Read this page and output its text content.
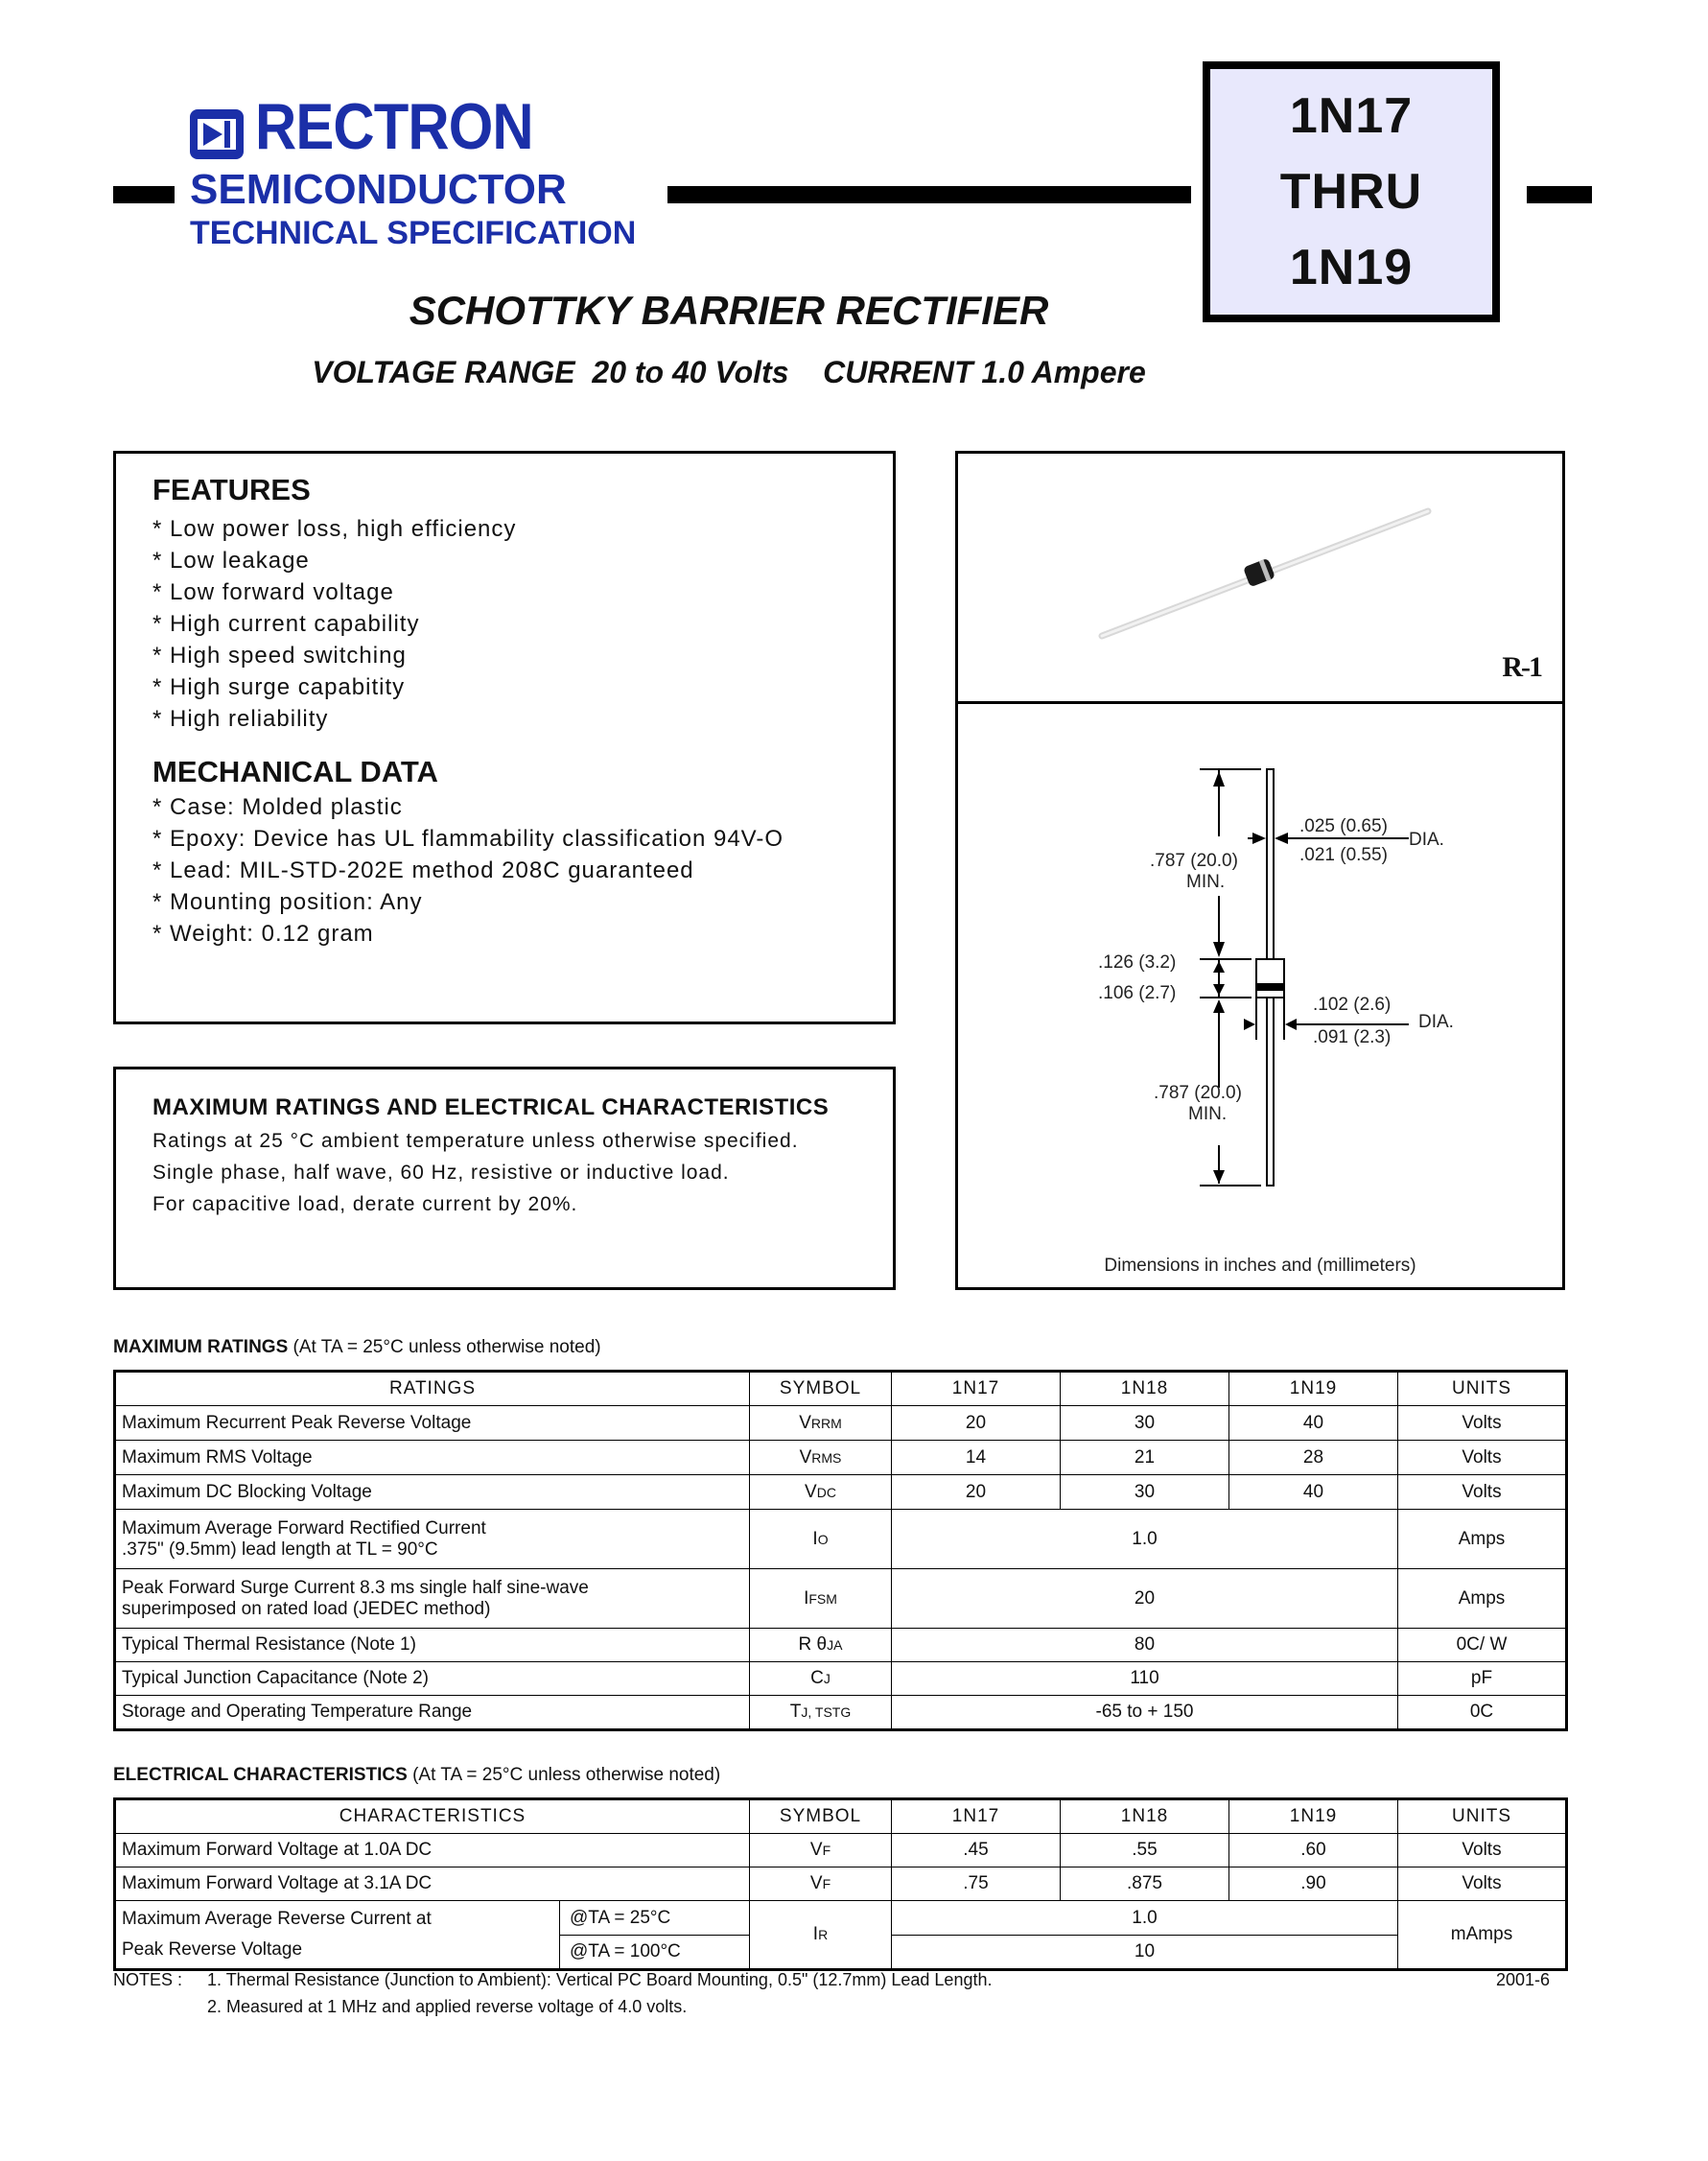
RECTRON
SEMICONDUCTOR
TECHNICAL SPECIFICATION
1N17
THRU
1N19
SCHOTTKY BARRIER RECTIFIER
VOLTAGE RANGE  20 to 40 Volts    CURRENT 1.0 Ampere
FEATURES
* Low power loss, high efficiency
* Low leakage
* Low forward voltage
* High current capability
* High speed switching
* High surge capabitity
* High reliability
MECHANICAL DATA
* Case: Molded plastic
* Epoxy: Device has UL flammability classification 94V-O
* Lead: MIL-STD-202E method 208C guaranteed
* Mounting position: Any
* Weight: 0.12 gram
R-1
.787 (20.0)
MIN.
.025 (0.65)
.021 (0.55)
DIA.
.126 (3.2)
.106 (2.7)
.102 (2.6)
.091 (2.3)
DIA.
.787 (20.0)
MIN.
Dimensions in inches and (millimeters)
MAXIMUM RATINGS AND ELECTRICAL CHARACTERISTICS
Ratings at 25 °C ambient temperature unless otherwise specified.
Single phase, half wave, 60 Hz, resistive or inductive load.
For capacitive load, derate current by 20%.
MAXIMUM RATINGS (At TA = 25°C unless otherwise noted)
RATINGS	SYMBOL	1N17	1N18	1N19	UNITS
Maximum Recurrent Peak Reverse Voltage	VRRM	20	30	40	Volts
Maximum RMS Voltage	VRMS	14	21	28	Volts
Maximum DC Blocking Voltage	VDC	20	30	40	Volts

Maximum Average Forward Rectified Current
.375" (9.5mm) lead length at TL = 90°C	IO	1.0			Amps

Peak Forward Surge Current 8.3 ms single half sine-wave
superimposed on rated load (JEDEC method)	IFSM	20			Amps
Typical Thermal Resistance (Note 1)	R θJA	80			0C/ W
Typical Junction Capacitance (Note 2)	CJ	110			pF
Storage and Operating Temperature Range	TJ, TSTG	-65 to + 150			0C
ELECTRICAL CHARACTERISTICS (At TA = 25°C unless otherwise noted)
CHARACTERISTICS		SYMBOL	1N17	1N18	1N19	UNITS
Maximum Forward Voltage at 1.0A DC		VF	.45	.55	.60	Volts
Maximum Forward Voltage at 3.1A DC		VF	.75	.875	.90	Volts

Maximum Average Reverse Current at
Peak Reverse Voltage	@TA = 25°C	IR	1.0			mAmps
	@TA = 100°C		10			
NOTES : 1. Thermal Resistance (Junction to Ambient): Vertical PC Board Mounting, 0.5" (12.7mm) Lead Length.
2. Measured at 1 MHz and applied reverse voltage of 4.0 volts.
2001-6
